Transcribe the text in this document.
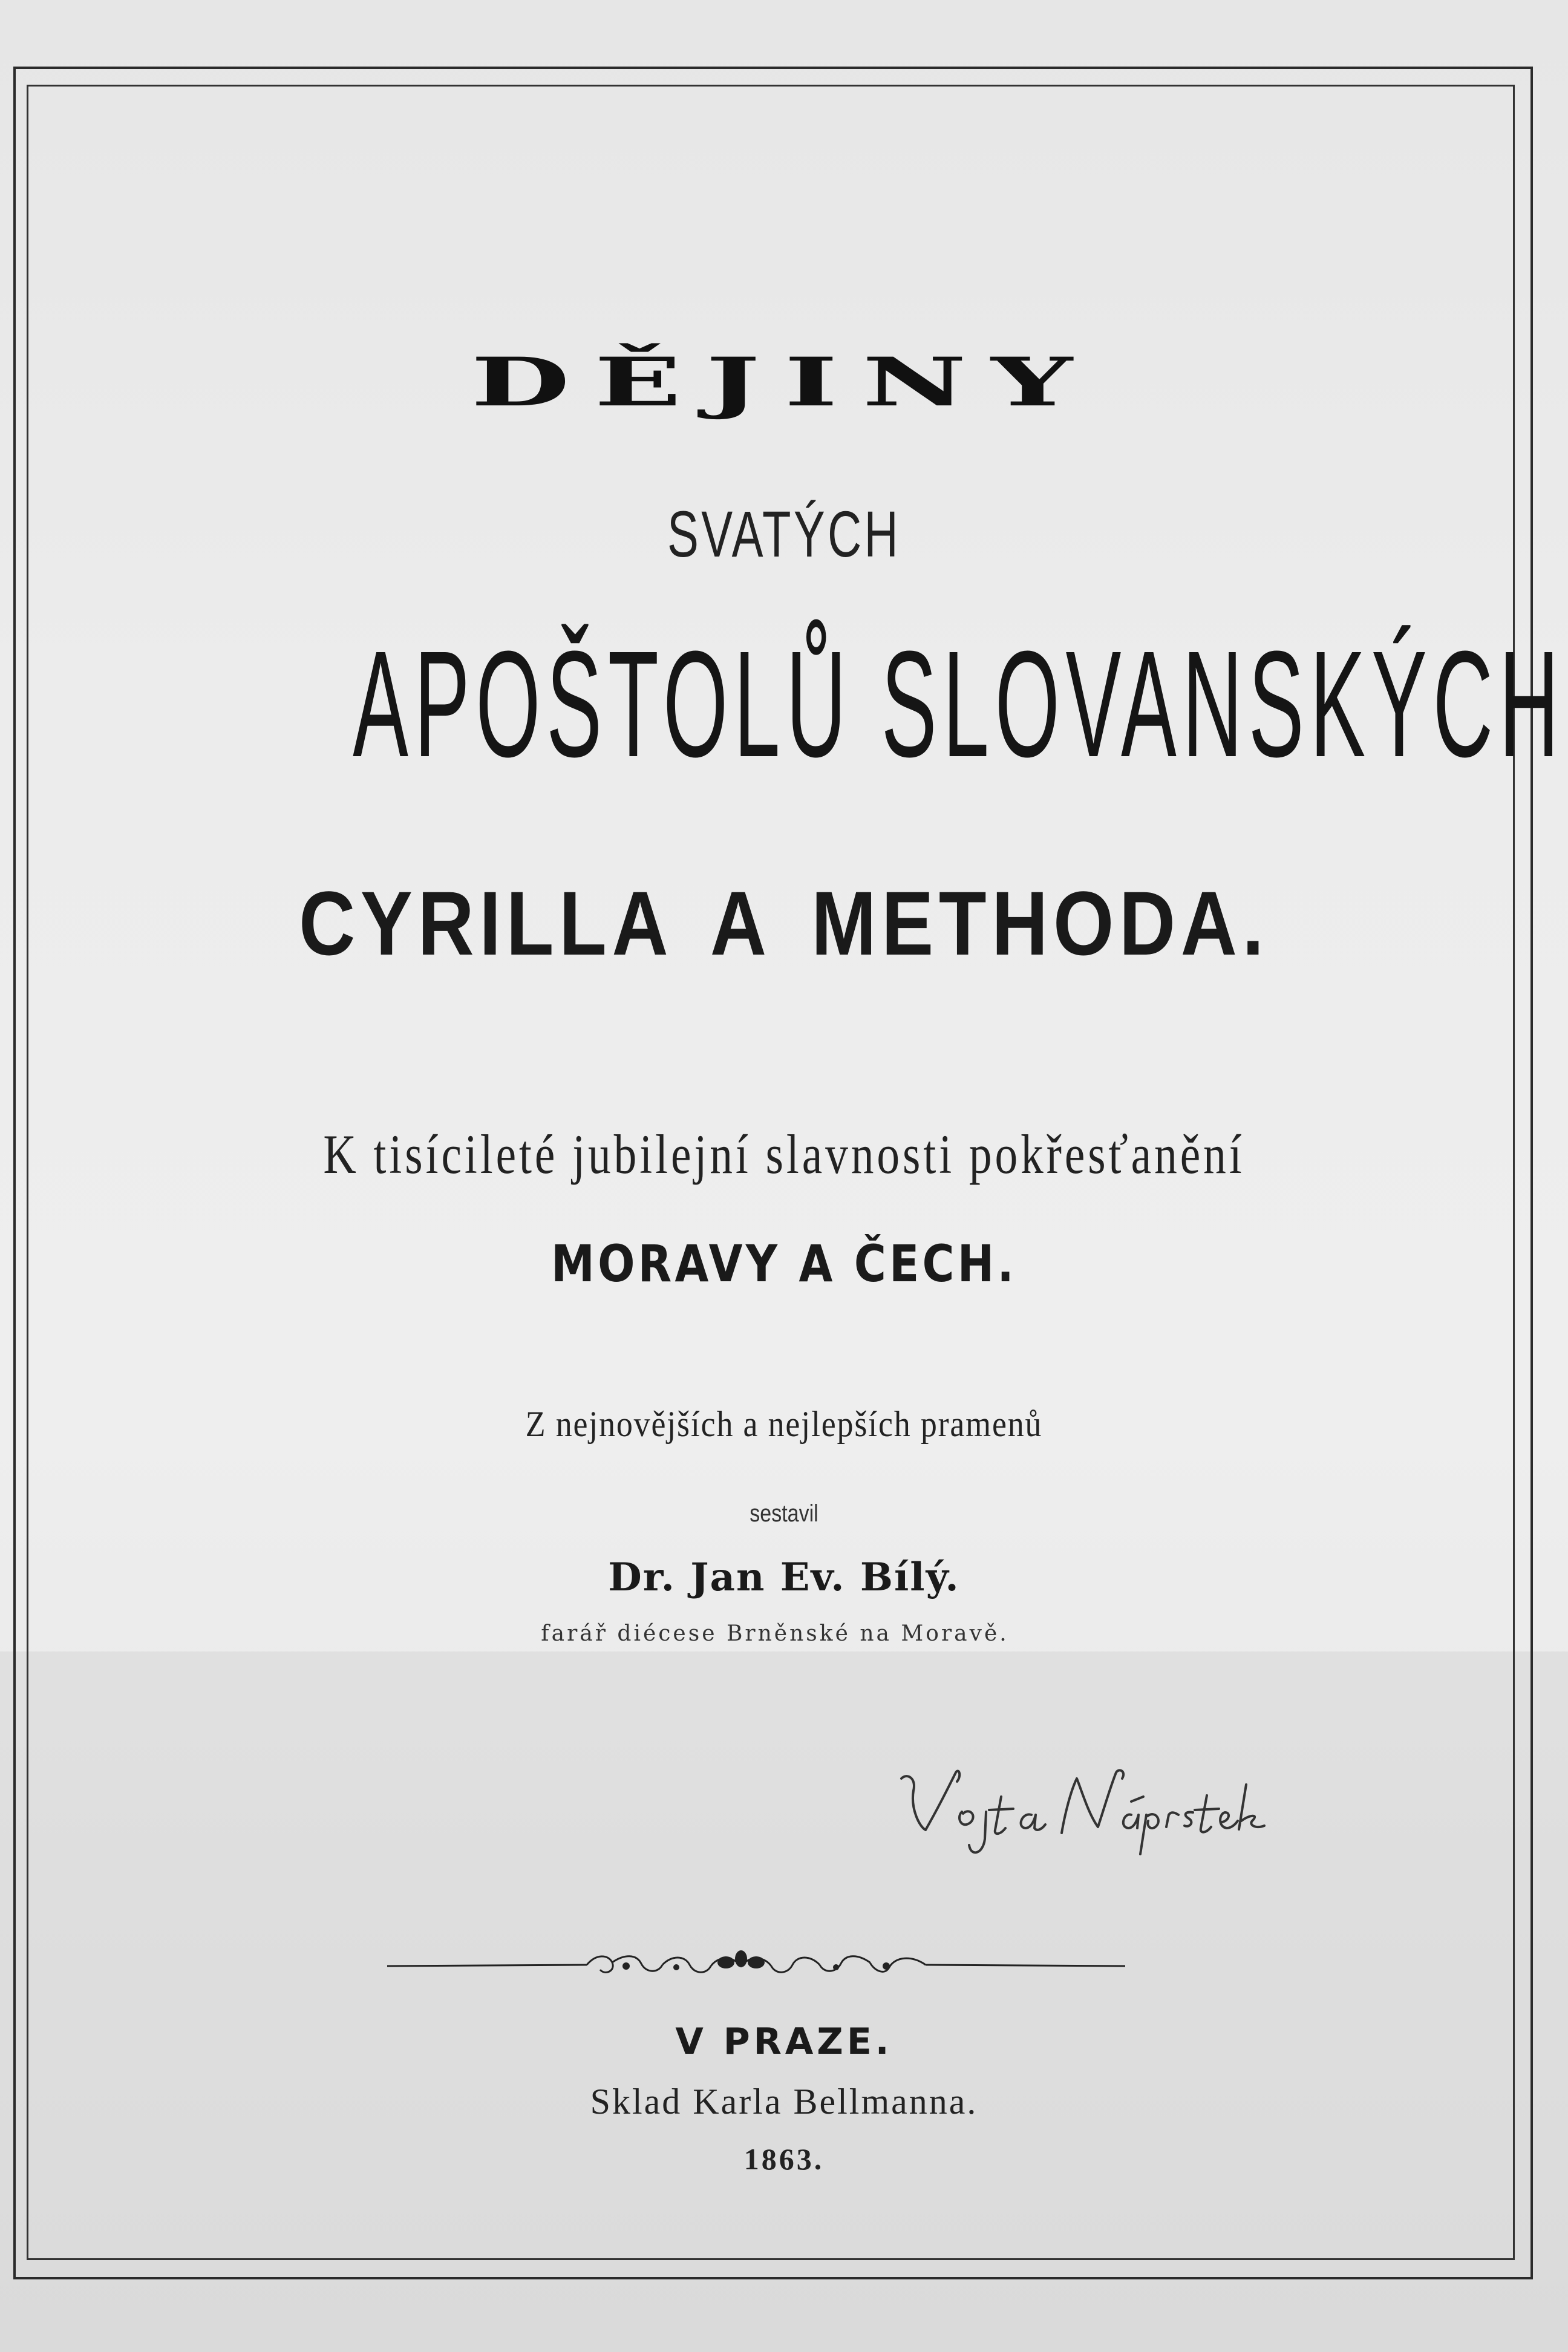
DĚJINY
SVATÝCH
APOŠTOLŮ SLOVANSKÝCH
CYRILLA A METHODA.
K tisícileté jubilejní slavnosti pokřesťanění
MORAVY A ČECH.
Z nejnovějších a nejlepších pramenů
sestavil
Dr. Jan Ev. Bílý.
farář diécese Brněnské na Moravě.
V PRAZE.
Sklad Karla Bellmanna.
1863.
